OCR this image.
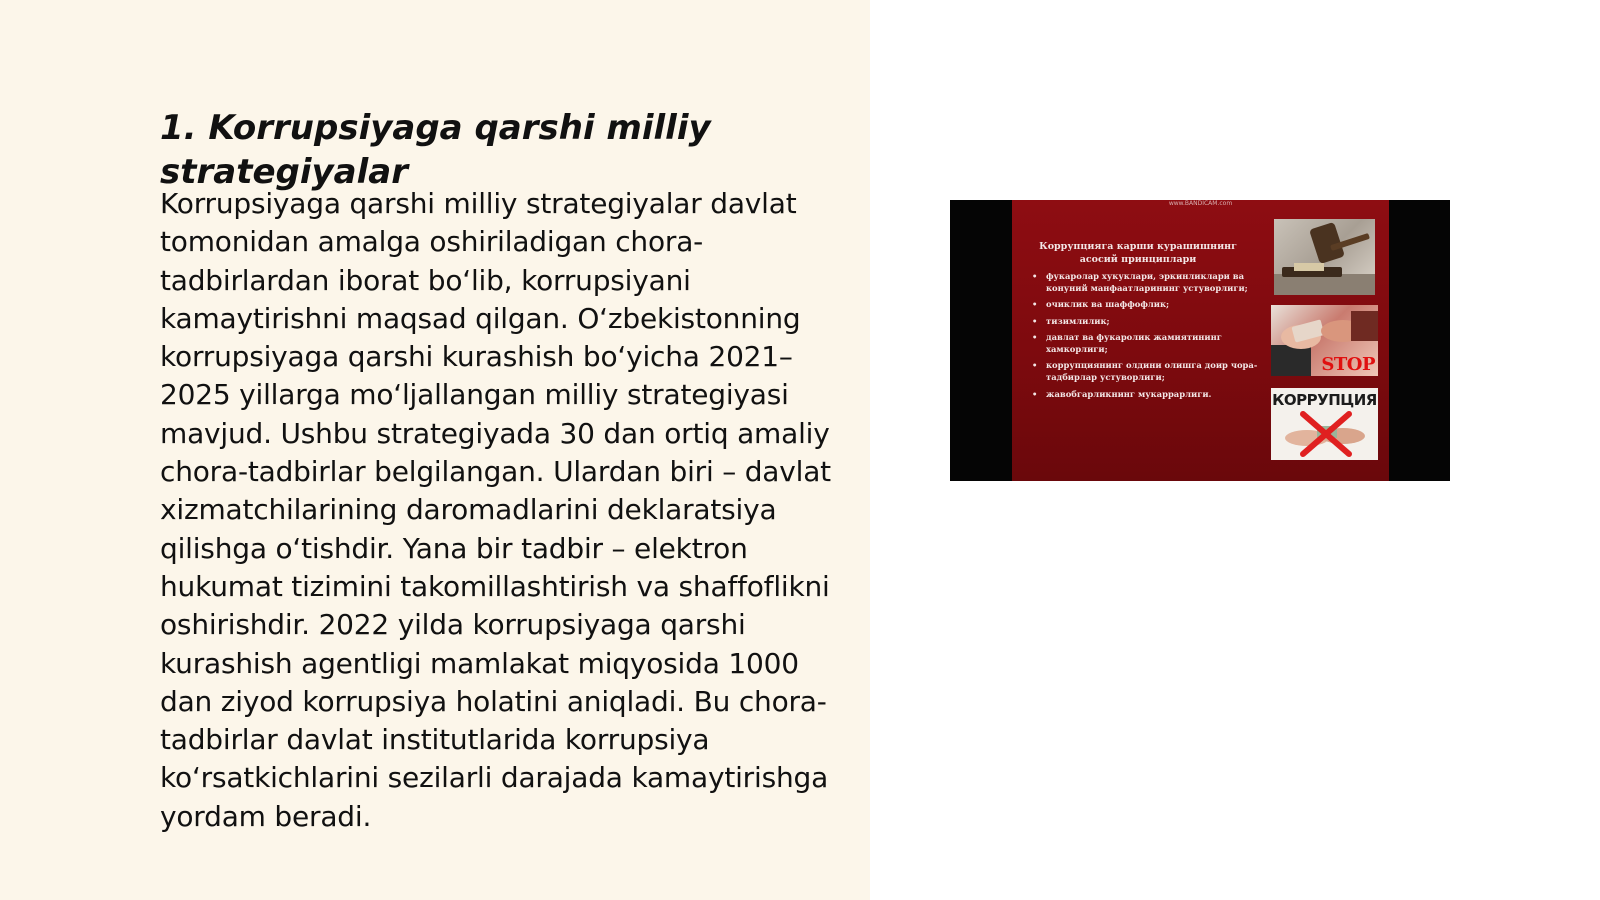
1. Korrupsiyaga qarshi milliy strategiyalar

Korrupsiyaga qarshi milliy strategiyalar davlat tomonidan amalga oshiriladigan chora-tadbirlardan iborat bo‘lib, korrupsiyani kamaytirishni maqsad qilgan. O‘zbekistonning korrupsiyaga qarshi kurashish bo‘yicha 2021–2025 yillarga mo‘ljallangan milliy strategiyasi mavjud. Ushbu strategiyada 30 dan ortiq amaliy chora-tadbirlar belgilangan. Ulardan biri – davlat xizmatchilarining daromadlarini deklaratsiya qilishga o‘tishdir. Yana bir tadbir – elektron hukumat tizimini takomillashtirish va shaffoflikni oshirishdir. 2022 yilda korrupsiyaga qarshi kurashish agentligi mamlakat miqyosida 1000 dan ziyod korrupsiya holatini aniqladi. Bu chora-tadbirlar davlat institutlarida korrupsiya ko‘rsatkichlarini sezilarli darajada kamaytirishga yordam beradi.

www.BANDICAM.com
Коррупцияга карши курашишнинг асосий принциплари
• фукаролар хукуклари, эркинликлари ва конуний манфаатларининг устуворлиги;
• очиклик ва шаффофлик;
• тизимлилик;
• давлат ва фукаролик жамиятининг хамкорлиги;
• коррупциянинг олдини олишга доир чора-тадбирлар устуворлиги;
• жавобгарликнинг мукаррарлиги.
STOP
КОРРУПЦИЯ
